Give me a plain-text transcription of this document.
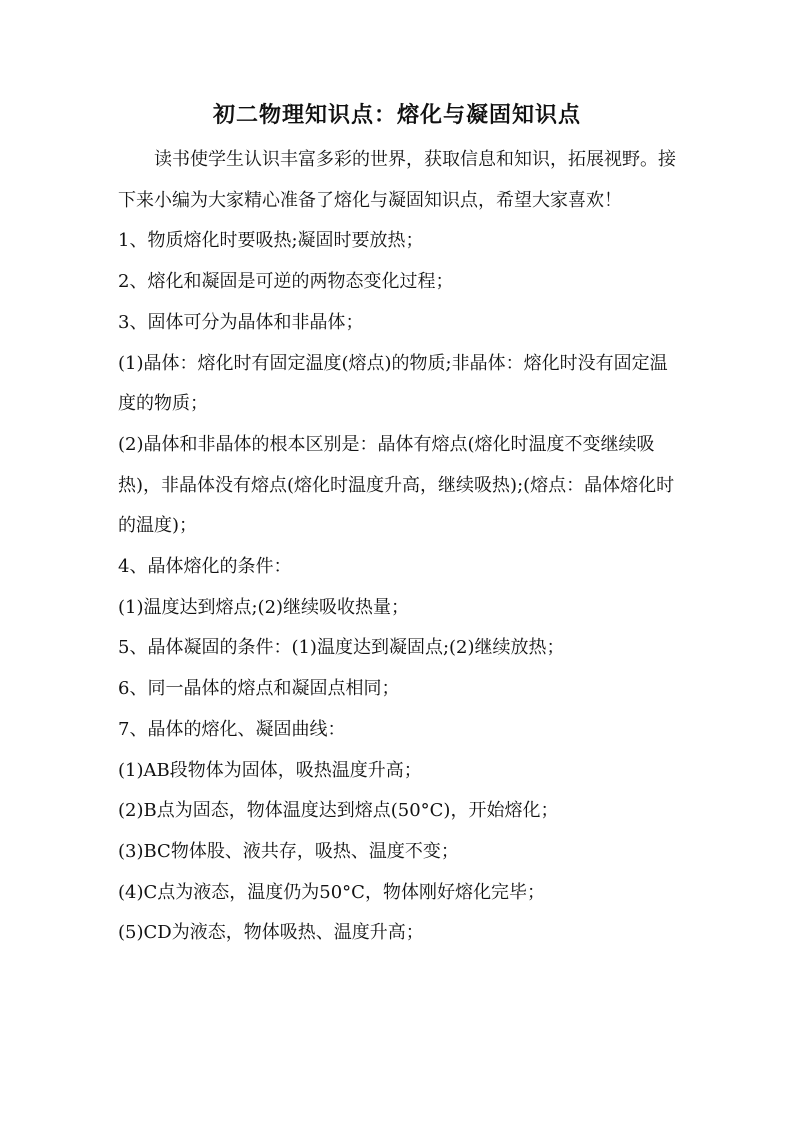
初二物理知识点：熔化与凝固知识点

读书使学生认识丰富多彩的世界，获取信息和知识，拓展视野。接下来小编为大家精心准备了熔化与凝固知识点，希望大家喜欢！

1、物质熔化时要吸热;凝固时要放热；

2、熔化和凝固是可逆的两物态变化过程；

3、固体可分为晶体和非晶体；

(1)晶体：熔化时有固定温度(熔点)的物质;非晶体：熔化时没有固定温度的物质；

(2)晶体和非晶体的根本区别是：晶体有熔点(熔化时温度不变继续吸热)，非晶体没有熔点(熔化时温度升高，继续吸热);(熔点：晶体熔化时的温度)；

4、晶体熔化的条件：

(1)温度达到熔点;(2)继续吸收热量；

5、晶体凝固的条件：(1)温度达到凝固点;(2)继续放热；

6、同一晶体的熔点和凝固点相同；

7、晶体的熔化、凝固曲线：

(1)AB段物体为固体，吸热温度升高；

(2)B点为固态，物体温度达到熔点(50°C)，开始熔化；

(3)BC物体股、液共存，吸热、温度不变；

(4)C点为液态，温度仍为50°C，物体刚好熔化完毕；

(5)CD为液态，物体吸热、温度升高；
